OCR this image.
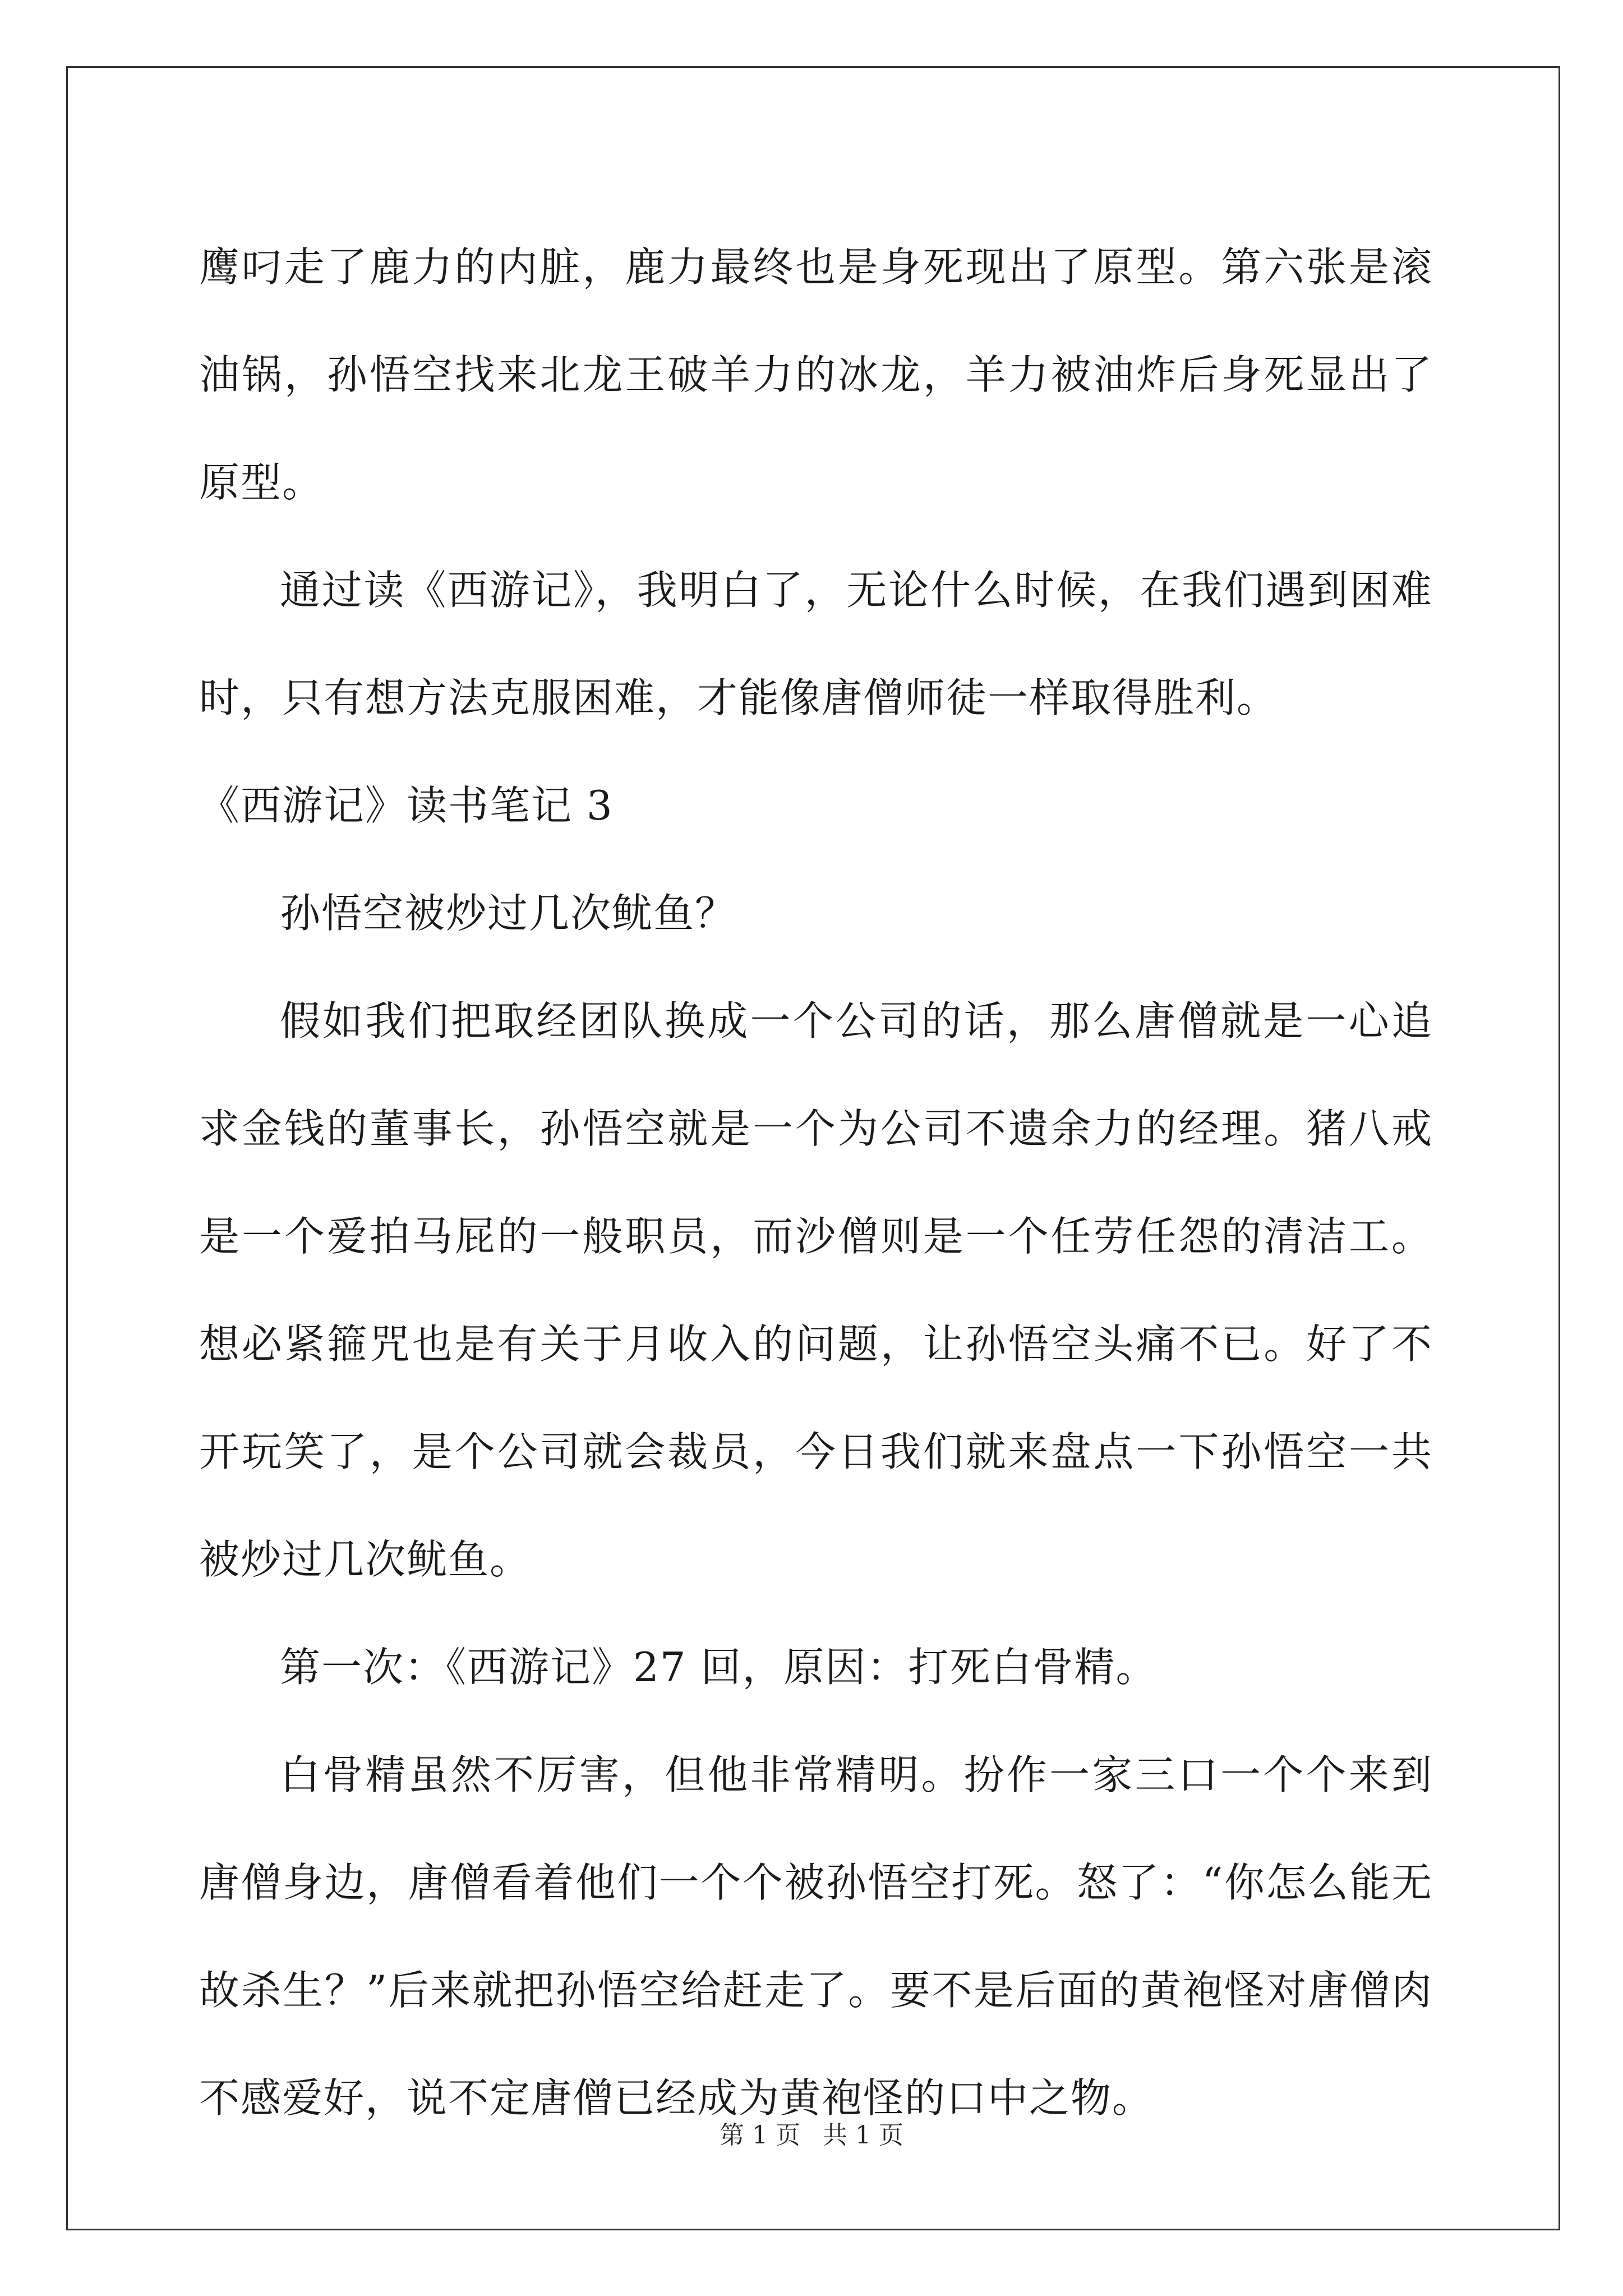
鹰叼走了鹿力的内脏，鹿力最终也是身死现出了原型。第六张是滚油锅，孙悟空找来北龙王破羊力的冰龙，羊力被油炸后身死显出了原型。

通过读《西游记》，我明白了，无论什么时候，在我们遇到困难时，只有想方法克服困难，才能像唐僧师徒一样取得胜利。

《西游记》读书笔记 3

孙悟空被炒过几次鱿鱼？

假如我们把取经团队换成一个公司的话，那么唐僧就是一心追求金钱的董事长，孙悟空就是一个为公司不遗余力的经理。猪八戒是一个爱拍马屁的一般职员，而沙僧则是一个任劳任怨的清洁工。想必紧箍咒也是有关于月收入的问题，让孙悟空头痛不已。好了不开玩笑了，是个公司就会裁员，今日我们就来盘点一下孙悟空一共被炒过几次鱿鱼。

第一次：《西游记》27 回，原因：打死白骨精。

白骨精虽然不厉害，但他非常精明。扮作一家三口一个个来到唐僧身边，唐僧看着他们一个个被孙悟空打死。怒了：“你怎么能无故杀生？”后来就把孙悟空给赶走了。要不是后面的黄袍怪对唐僧肉不感爱好，说不定唐僧已经成为黄袍怪的口中之物。

第 1 页 共 1 页
